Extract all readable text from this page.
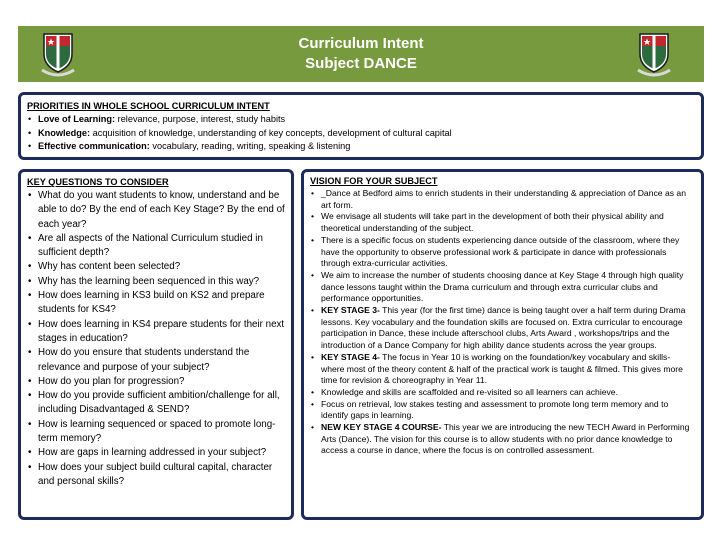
Curriculum Intent
Subject DANCE
PRIORITIES IN WHOLE SCHOOL CURRICULUM INTENT
• Love of Learning: relevance, purpose, interest, study habits
• Knowledge: acquisition of knowledge, understanding of key concepts, development of cultural capital
• Effective communication: vocabulary, reading, writing, speaking & listening
KEY QUESTIONS TO CONSIDER
• What do you want students to know, understand and be able to do? By the end of each Key Stage? By the end of each year?
• Are all aspects of the National Curriculum studied in sufficient depth?
• Why has content been selected?
• Why has the learning been sequenced in this way?
• How does learning in KS3 build on KS2 and prepare students for KS4?
• How does learning in KS4 prepare students for their next stages in education?
• How do you ensure that students understand the relevance and purpose of your subject?
• How do you plan for progression?
• How do you provide sufficient ambition/challenge for all, including Disadvantaged & SEND?
• How is learning sequenced or spaced to promote long-term memory?
• How are gaps in learning addressed in your subject?
• How does your subject build cultural capital, character and personal skills?
VISION FOR YOUR SUBJECT
• _Dance at Bedford aims to enrich students in their understanding & appreciation of Dance as an art form.
• We envisage all students will take part in the development of both their physical ability and theoretical understanding of the subject.
• There is a specific focus on students experiencing dance outside of the classroom, where they have the opportunity to observe professional work & participate in dance with professionals through extra-curricular activities.
• We aim to increase the number of students choosing dance at Key Stage 4 through high quality dance lessons taught within the Drama curriculum and through extra curricular clubs and performance opportunities.
• KEY STAGE 3- This year (for the first time) dance is being taught over a half term during Drama lessons. Key vocabulary and the foundation skills are focused on. Extra curricular to encourage participation in Dance, these include afterschool clubs, Arts Award , workshops/trips and the introduction of a Dance Company for high ability dance students across the year groups.
• KEY STAGE 4- The focus in Year 10 is working on the foundation/key vocabulary and skills- where most of the theory content & half of the practical work is taught & filmed. This gives more time for revision & choreography in Year 11.
• Knowledge and skills are scaffolded and re-visited so all learners can achieve.
• Focus on retrieval, low stakes testing and assessment to promote long term memory and to identify gaps in learning.
• NEW KEY STAGE 4 COURSE- This year we are introducing the new TECH Award in Performing Arts (Dance). The vision for this course is to allow students with no prior dance knowledge to access a course in dance, where the focus is on controlled assessment.
